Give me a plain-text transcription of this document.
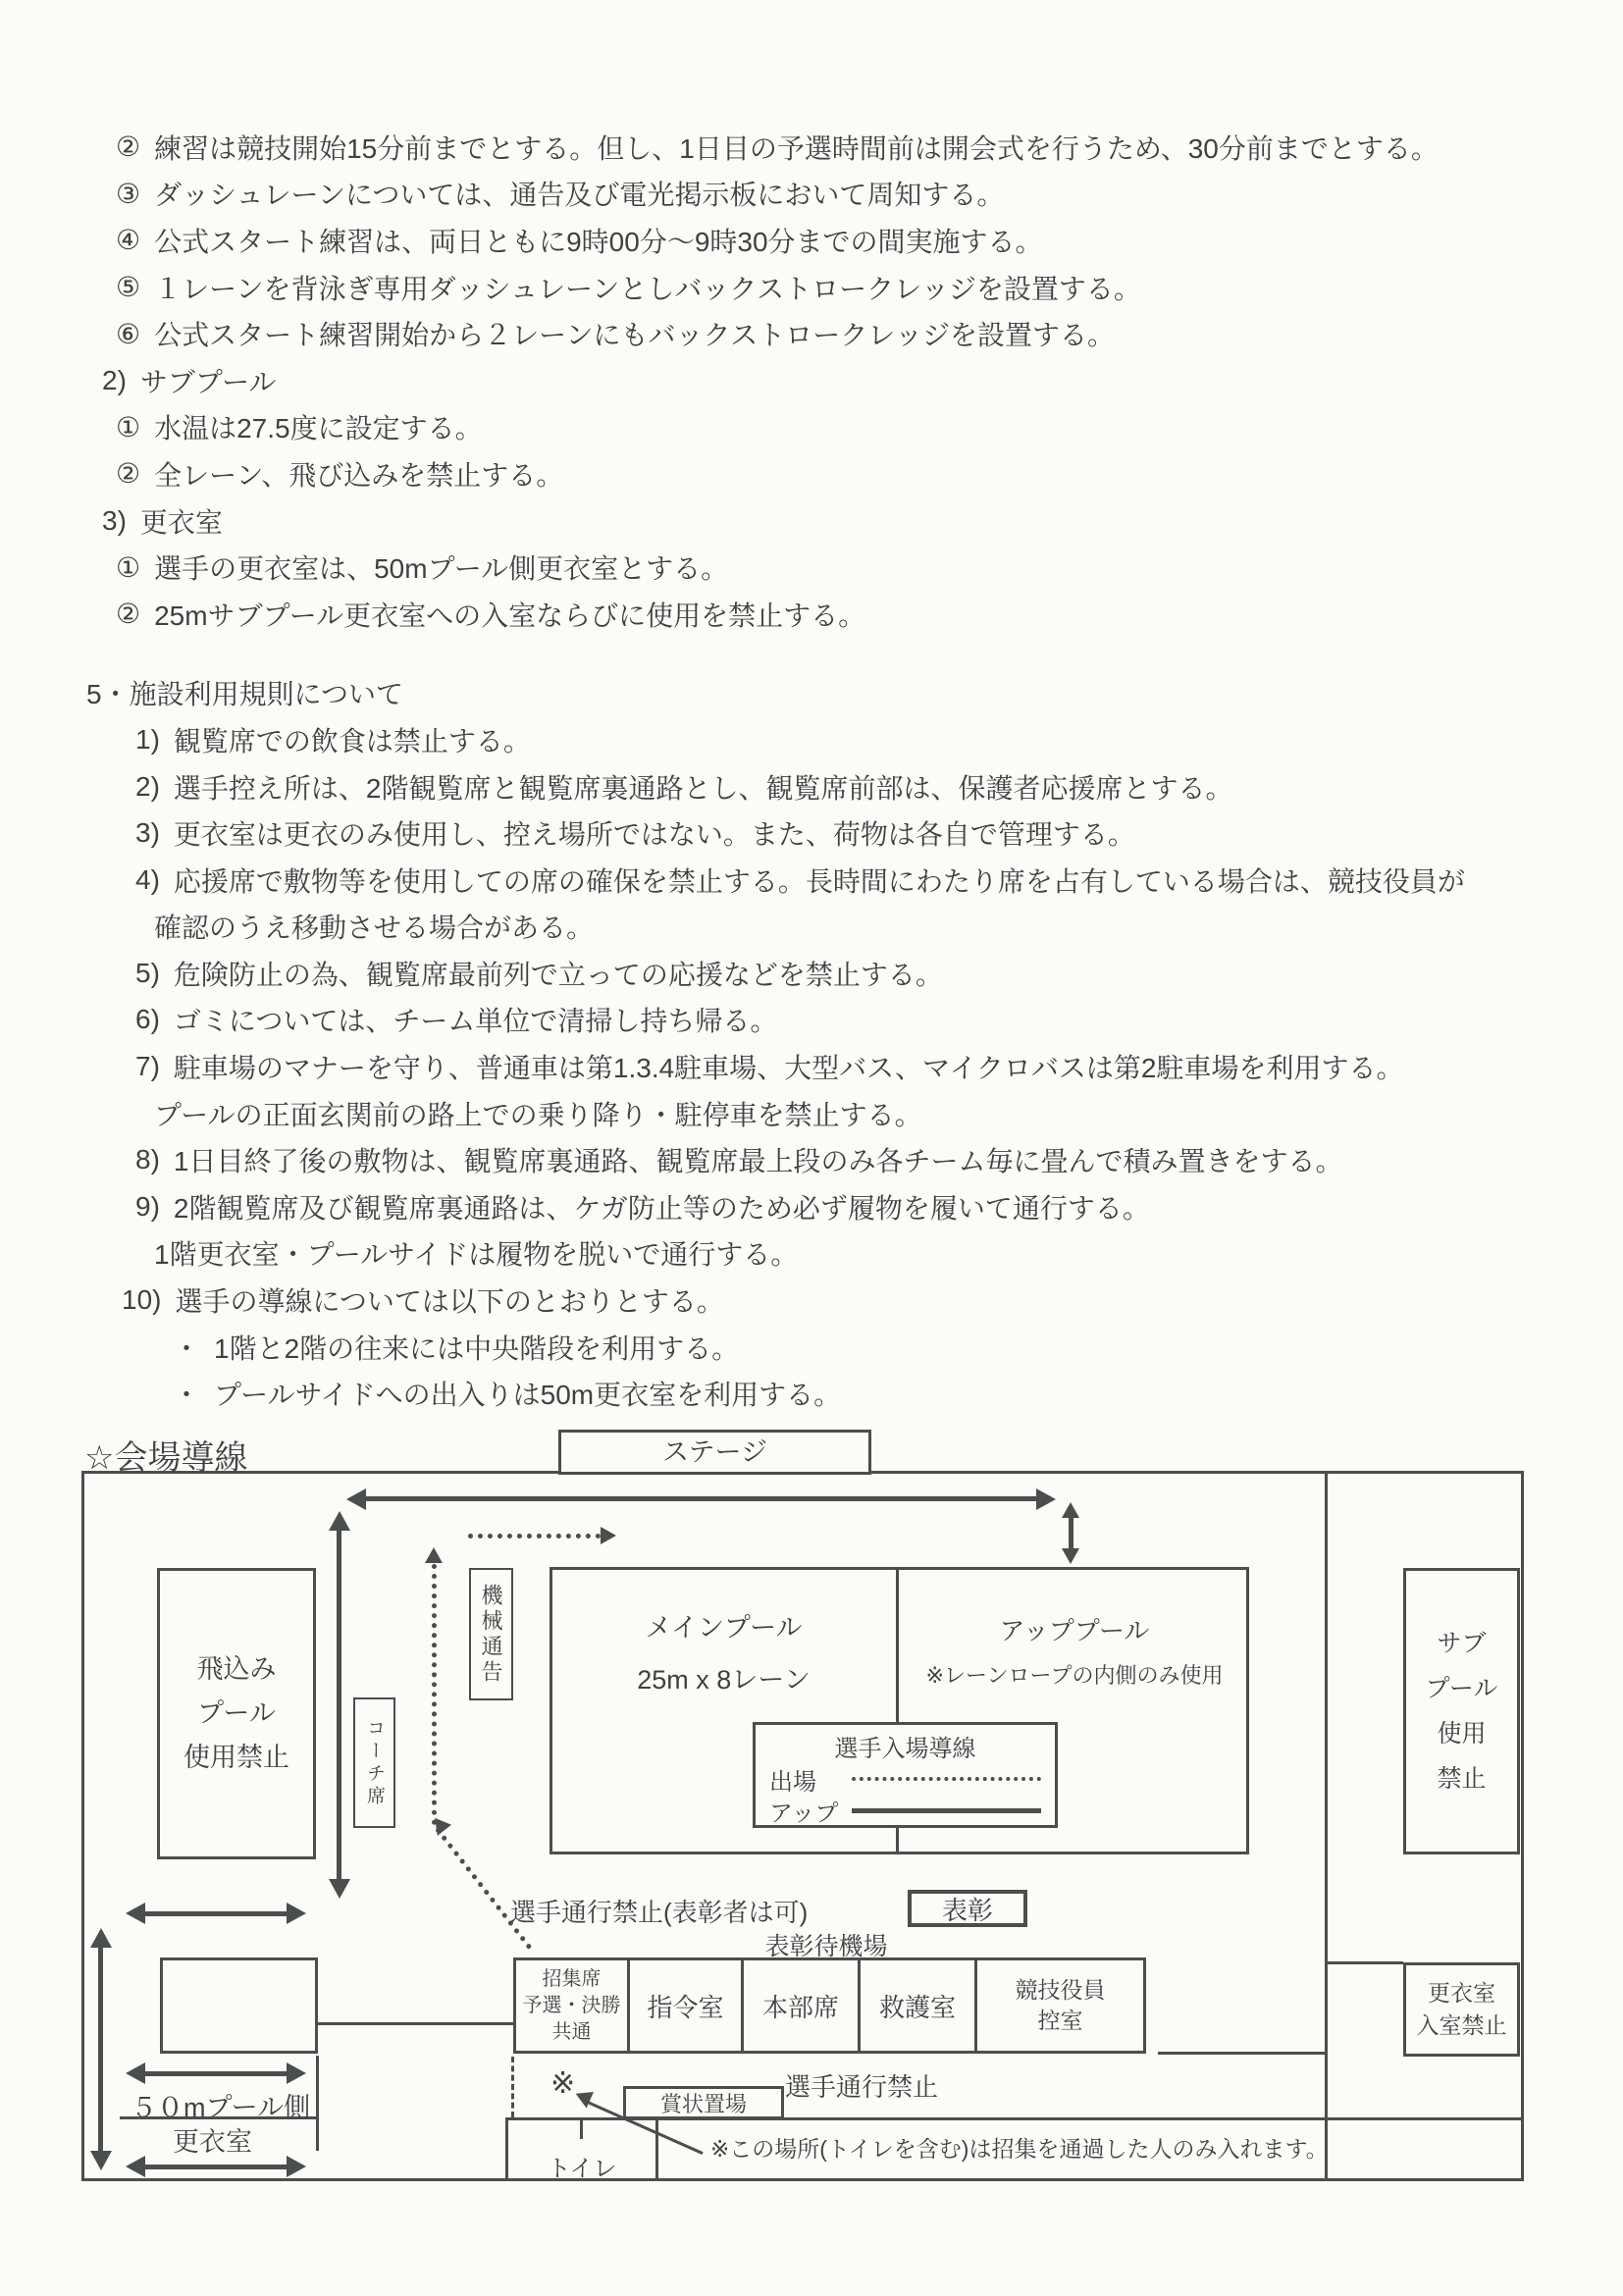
② 練習は競技開始15分前までとする。但し、1日目の予選時間前は開会式を行うため、30分前までとする。
③ ダッシュレーンについては、通告及び電光掲示板において周知する。
④ 公式スタート練習は、両日ともに9時00分～9時30分までの間実施する。
⑤ １レーンを背泳ぎ専用ダッシュレーンとしバックストロークレッジを設置する。
⑥ 公式スタート練習開始から２レーンにもバックストロークレッジを設置する。
2) サブプール
① 水温は27.5度に設定する。
② 全レーン、飛び込みを禁止する。
3) 更衣室
① 選手の更衣室は、50mプール側更衣室とする。
② 25mサブプール更衣室への入室ならびに使用を禁止する。
5・ 施設利用規則について
1) 観覧席での飲食は禁止する。
2) 選手控え所は、2階観覧席と観覧席裏通路とし、観覧席前部は、保護者応援席とする。
3) 更衣室は更衣のみ使用し、控え場所ではない。また、荷物は各自で管理する。
4) 応援席で敷物等を使用しての席の確保を禁止する。長時間にわたり席を占有している場合は、競技役員が
確認のうえ移動させる場合がある。
5) 危険防止の為、観覧席最前列で立っての応援などを禁止する。
6) ゴミについては、チーム単位で清掃し持ち帰る。
7) 駐車場のマナーを守り、普通車は第1.3.4駐車場、大型バス、マイクロバスは第2駐車場を利用する。
プールの正面玄関前の路上での乗り降り・駐停車を禁止する。
8) 1日目終了後の敷物は、観覧席裏通路、観覧席最上段のみ各チーム毎に畳んで積み置きをする。
9) 2階観覧席及び観覧席裏通路は、ケガ防止等のため必ず履物を履いて通行する。
1階更衣室・プールサイドは履物を脱いで通行する。
10) 選手の導線については以下のとおりとする。
・ 1階と2階の往来には中央階段を利用する。
・ プールサイドへの出入りは50m更衣室を利用する。
☆会場導線	ステージ
飛込み
プール
使用禁止	コーチ席
機械通告	メインプール
25m x 8レーン
アッププール
※レーンロープの内側のみ使用
選手入場導線
出場
アップ
サブ
プール
使用
禁止
更衣室
入室禁止
選手通行禁止(表彰者は可)	表彰
表彰待機場
招集席
予選・決勝
共通
指令室 本部席 救護室
競技役員
控室
※
賞状置場
選手通行禁止
トイレ
※この場所(トイレを含む)は招集を通過した人のみ入れます。
５０mプール側
更衣室
